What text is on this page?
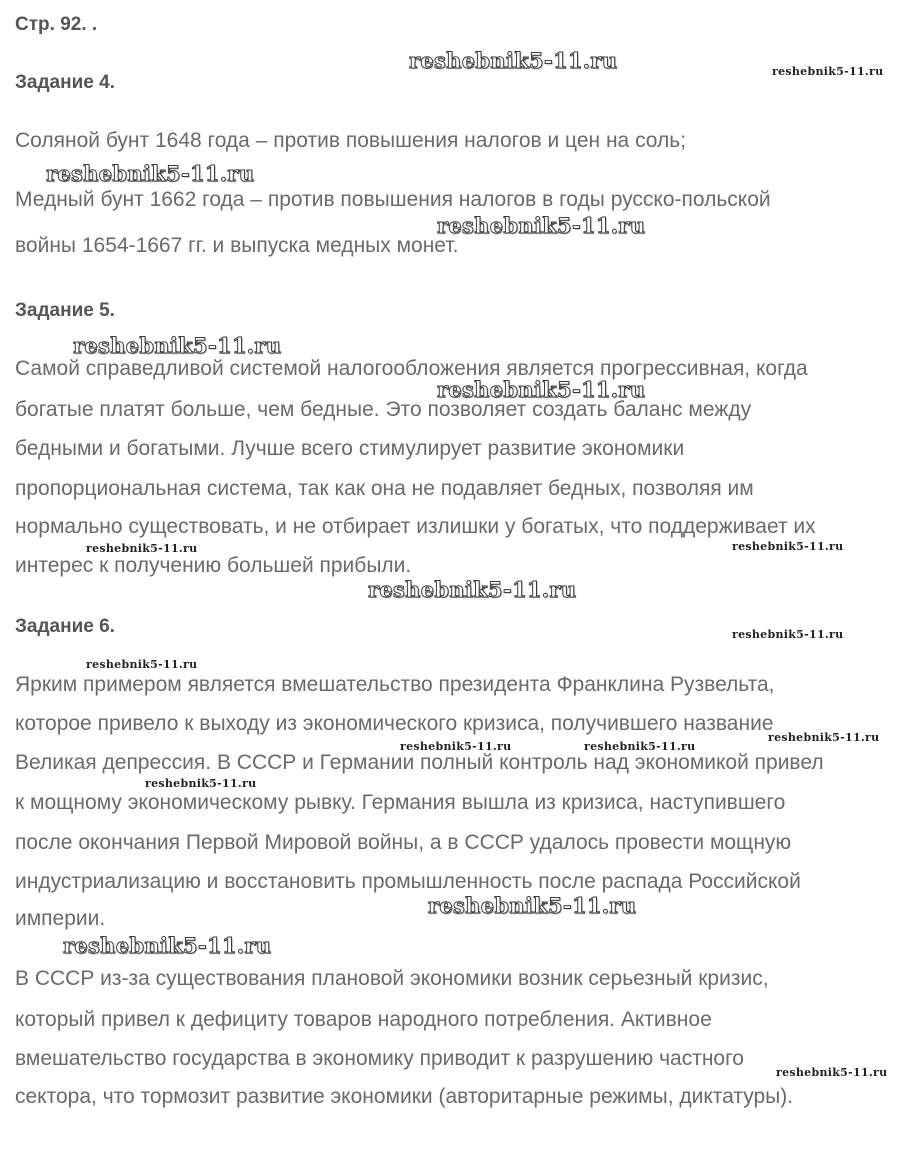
Стр. 92. .
Задание 4.
Соляной бунт 1648 года – против повышения налогов и цен на соль;
Медный бунт 1662 года – против повышения налогов в годы русско-польской
войны 1654-1667 гг. и выпуска медных монет.
Задание 5.
Самой справедливой системой налогообложения является прогрессивная, когда
богатые платят больше, чем бедные. Это позволяет создать баланс между
бедными и богатыми. Лучше всего стимулирует развитие экономики
пропорциональная система, так как она не подавляет бедных, позволяя им
нормально существовать, и не отбирает излишки у богатых, что поддерживает их
интерес к получению большей прибыли.
Задание 6.
Ярким примером является вмешательство президента Франклина Рузвельта,
которое привело к выходу из экономического кризиса, получившего название
Великая депрессия. В СССР и Германии полный контроль над экономикой привел
к мощному экономическому рывку. Германия вышла из кризиса, наступившего
после окончания Первой Мировой войны, а в СССР удалось провести мощную
индустриализацию и восстановить промышленность после распада Российской
империи.
В СССР из-за существования плановой экономики возник серьезный кризис,
который привел к дефициту товаров народного потребления. Активное
вмешательство государства в экономику приводит к разрушению частного
сектора, что тормозит развитие экономики (авторитарные режимы, диктатуры).
reshebnik5-11.ru
reshebnik5-11.ru
reshebnik5-11.ru
reshebnik5-11.ru
reshebnik5-11.ru
reshebnik5-11.ru
reshebnik5-11.ru
reshebnik5-11.ru
reshebnik5-11.ru
reshebnik5-11.ru	reshebnik5-11.ru
reshebnik5-11.ru
reshebnik5-11.ru
reshebnik5-11.ru	reshebnik5-11.ru
reshebnik5-11.ru
reshebnik5-11.ru
reshebnik5-11.ru
